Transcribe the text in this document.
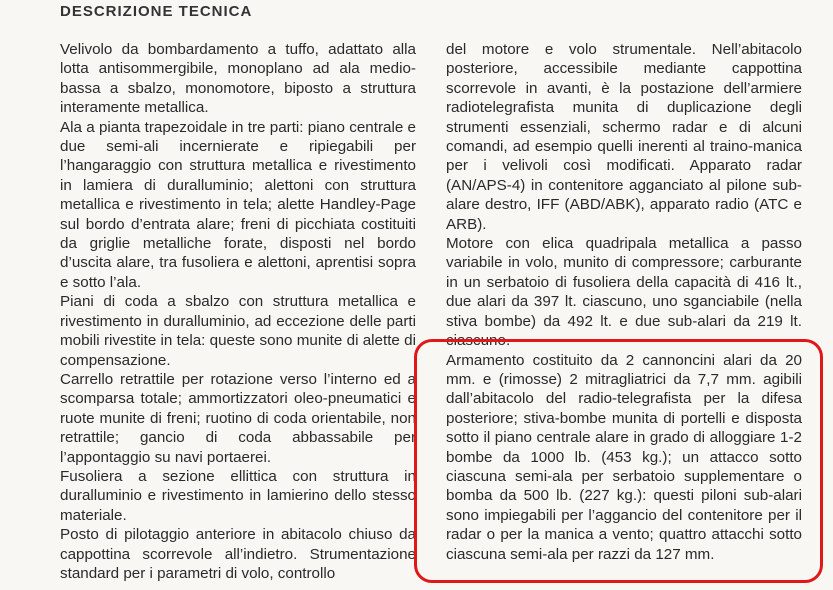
DESCRIZIONE TECNICA

Velivolo da bombardamento a tuffo, adattato alla lotta antisommergibile, monoplano ad ala medio-bassa a sbalzo, monomotore, biposto a struttura interamente metallica.

Ala a pianta trapezoidale in tre parti: piano centrale e due semi-ali incernierate e ripiegabili per l’hangaraggio con struttura metallica e rivestimento in lamiera di duralluminio; alettoni con struttura metallica e rivestimento in tela; alette Handley-Page sul bordo d’entrata alare; freni di picchiata costituiti da griglie metalliche forate, disposti nel bordo d’uscita alare, tra fusoliera e alettoni, aprentisi sopra e sotto l’ala.

Piani di coda a sbalzo con struttura metallica e rivestimento in duralluminio, ad eccezione delle parti mobili rivestite in tela: queste sono munite di alette di compensazione.

Carrello retrattile per rotazione verso l’interno ed a scomparsa totale; ammortizzatori oleo-pneumatici e ruote munite di freni; ruotino di coda orientabile, non retrattile; gancio di coda abbassabile per l’appontaggio su navi portaerei.

Fusoliera a sezione ellittica con struttura in duralluminio e rivestimento in lamierino dello stesso materiale.

Posto di pilotaggio anteriore in abitacolo chiuso da cappottina scorrevole all’indietro. Strumentazione standard per i parametri di volo, controllo

del motore e volo strumentale. Nell’abitacolo posteriore, accessibile mediante cappottina scorrevole in avanti, è la postazione dell’armiere radiotelegrafista munita di duplicazione degli strumenti essenziali, schermo radar e di alcuni comandi, ad esempio quelli inerenti al traino-manica per i velivoli così modificati. Apparato radar (AN/APS-4) in contenitore agganciato al pilone sub-alare destro, IFF (ABD/ABK), apparato radio (ATC e ARB).

Motore con elica quadripala metallica a passo variabile in volo, munito di compressore; carburante in un serbatoio di fusoliera della capacità di 416 lt., due alari da 397 lt. ciascuno, uno sganciabile (nella stiva bombe) da 492 lt. e due sub-alari da 219 lt. ciascuno.

Armamento costituito da 2 cannoncini alari da 20 mm. e (rimosse) 2 mitragliatrici da 7,7 mm. agibili dall’abitacolo del radio-telegrafista per la difesa posteriore; stiva-bombe munita di portelli e disposta sotto il piano centrale alare in grado di alloggiare 1-2 bombe da 1000 lb. (453 kg.); un attacco sotto ciascuna semi-ala per serbatoio supplementare o bomba da 500 lb. (227 kg.): questi piloni sub-alari sono impiegabili per l’aggancio del contenitore per il radar o per la manica a vento; quattro attacchi sotto ciascuna semi-ala per razzi da 127 mm.
